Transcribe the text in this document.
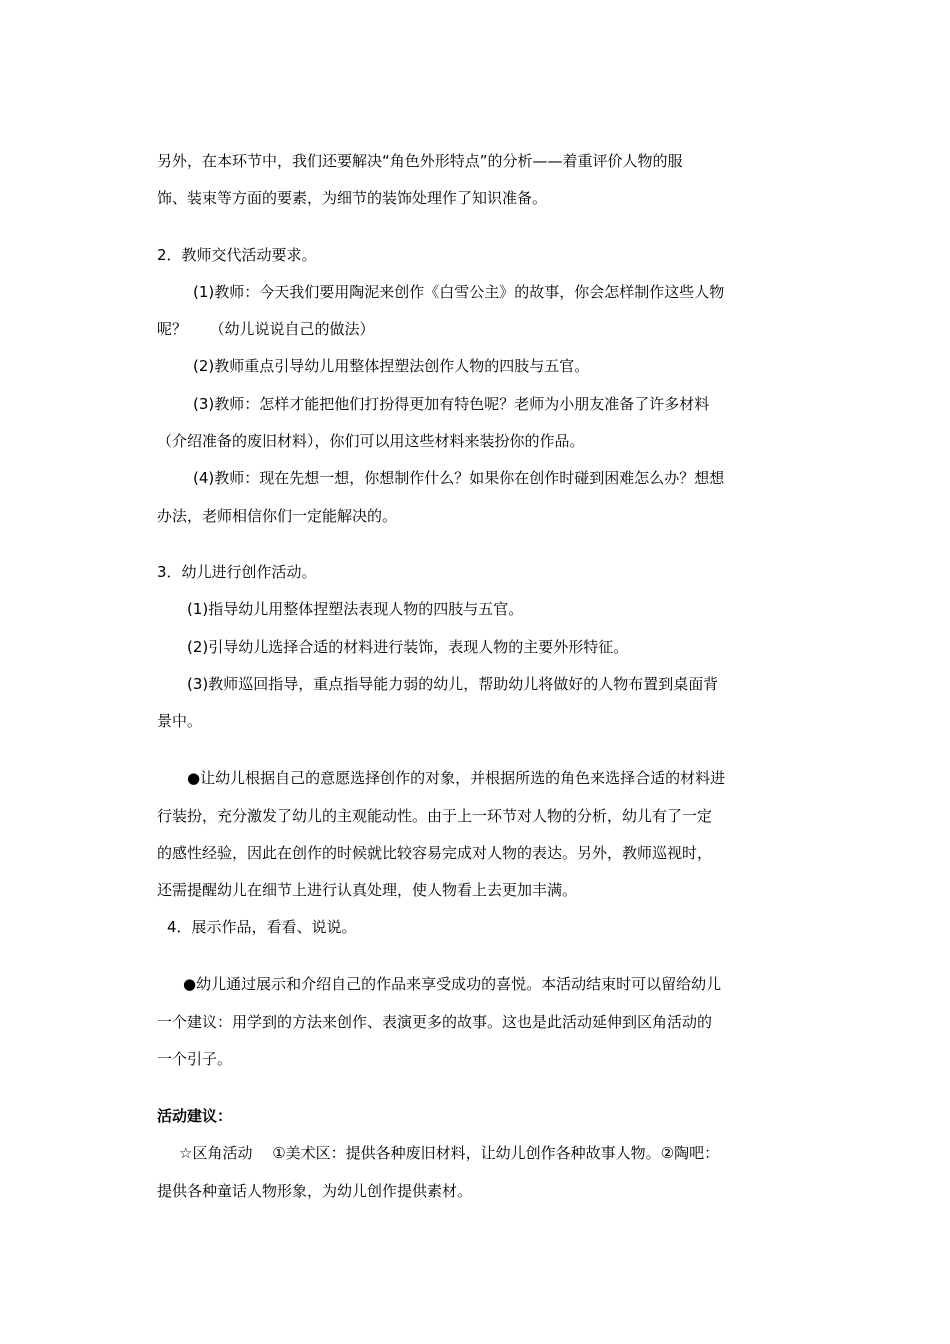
另外，在本环节中，我们还要解决“角色外形特点”的分析——着重评价人物的服
饰、装束等方面的要素，为细节的装饰处理作了知识准备。
2．教师交代活动要求。
(1)教师：今天我们要用陶泥来创作《白雪公主》的故事，你会怎样制作这些人物
呢？　　（幼儿说说自己的做法）
(2)教师重点引导幼儿用整体捏塑法创作人物的四肢与五官。
(3)教师：怎样才能把他们打扮得更加有特色呢？老师为小朋友准备了许多材料
（介绍准备的废旧材料），你们可以用这些材料来装扮你的作品。
(4)教师：现在先想一想，你想制作什么？如果你在创作时碰到困难怎么办？想想
办法，老师相信你们一定能解决的。
3．幼儿进行创作活动。
(1)指导幼儿用整体捏塑法表现人物的四肢与五官。
(2)引导幼儿选择合适的材料进行装饰，表现人物的主要外形特征。
(3)教师巡回指导，重点指导能力弱的幼儿，帮助幼儿将做好的人物布置到桌面背
景中。
●让幼儿根据自己的意愿选择创作的对象，并根据所选的角色来选择合适的材料进
行装扮，充分激发了幼儿的主观能动性。由于上一环节对人物的分析，幼儿有了一定
的感性经验，因此在创作的时候就比较容易完成对人物的表达。另外，教师巡视时，
还需提醒幼儿在细节上进行认真处理，使人物看上去更加丰满。
4．展示作品，看看、说说。
●幼儿通过展示和介绍自己的作品来享受成功的喜悦。本活动结束时可以留给幼儿
一个建议：用学到的方法来创作、表演更多的故事。这也是此活动延伸到区角活动的
一个引子。
活动建议：
☆区角活动　 ①美术区：提供各种废旧材料，让幼儿创作各种故事人物。②陶吧：
提供各种童话人物形象，为幼儿创作提供素材。
